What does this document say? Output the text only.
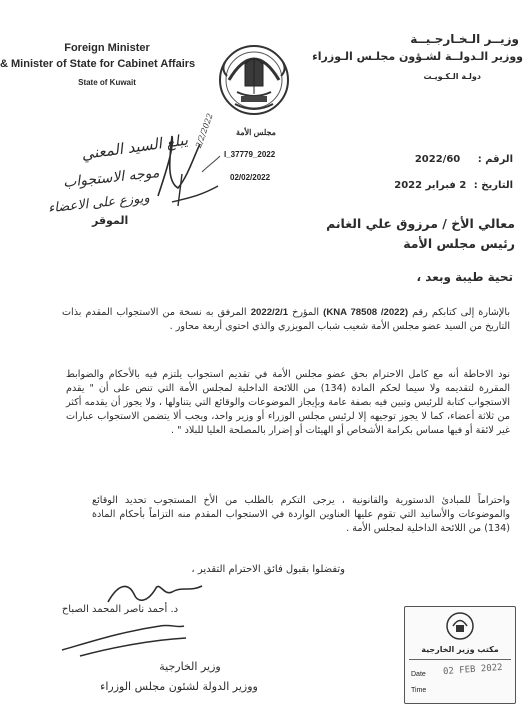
Foreign Minister
& Minister of State for Cabinet Affairs
State of Kuwait
وزيــر الـخـارجـيــة
ووزير الـدولــة لشـؤون مجلـس الـوزراء
دولـة الـكـويـت
مجلس الأمة
I_37779_2022
02/02/2022
الرقم : 2022/60
التاريخ : 2 فبراير 2022
يبلغ السيد المعني
موجه الاستجواب
ويوزع على الاعضاء
الموقر
2/2/2022
معالي الأخ / مرزوق علي الغانم
رئيس مجلس الأمة
تحية طيبة وبعد ،
بالإشارة إلى كتابكم رقم (2022/ KNA 78508) المؤرخ 2022/2/1 المرفق به نسخة من الاستجواب المقدم بذات التاريخ من السيد عضو مجلس الأمة شعيب شباب المويزري والذي احتوى أربعة محاور .
نود الاحاطة أنه مع كامل الاحترام بحق عضو مجلس الأمة في تقديم استجواب يلتزم فيه بالأحكام والضوابط المقررة لتقديمه ولا سيما لحكم المادة (134) من اللائحة الداخلية لمجلس الأمة التي تنص على أن " يقدم الاستجواب كتابة للرئيس وتبين فيه بصفة عامة وبإيجاز الموضوعات والوقائع التي يتناولها ، ولا يجوز أن يقدمه أكثر من ثلاثة أعضاء، كما لا يجوز توجيهه إلا لرئيس مجلس الوزراء أو وزير واحد، ويجب ألا يتضمن الاستجواب عبارات غير لائقة أو فيها مساس بكرامة الأشخاص أو الهيئات أو إضرار بالمصلحة العليا للبلاد " .
واحتراماً للمبادئ الدستورية والقانونية ، يرجى التكرم بالطلب من الأخ المستجوب تحديد الوقائع والموضوعات والأسانيد التي تقوم عليها العناوين الواردة في الاستجواب المقدم منه التزاماً بأحكام المادة (134) من اللائحة الداخلية لمجلس الأمة .
وتفضلوا بقبول فائق الاحترام التقدير ،
د. أحمد ناصر المحمد الصباح
وزير الخارجية
ووزير الدولة لشئون مجلس الوزراء
مكتب وزير الخارجية
Date 02 FEB 2022
Time
